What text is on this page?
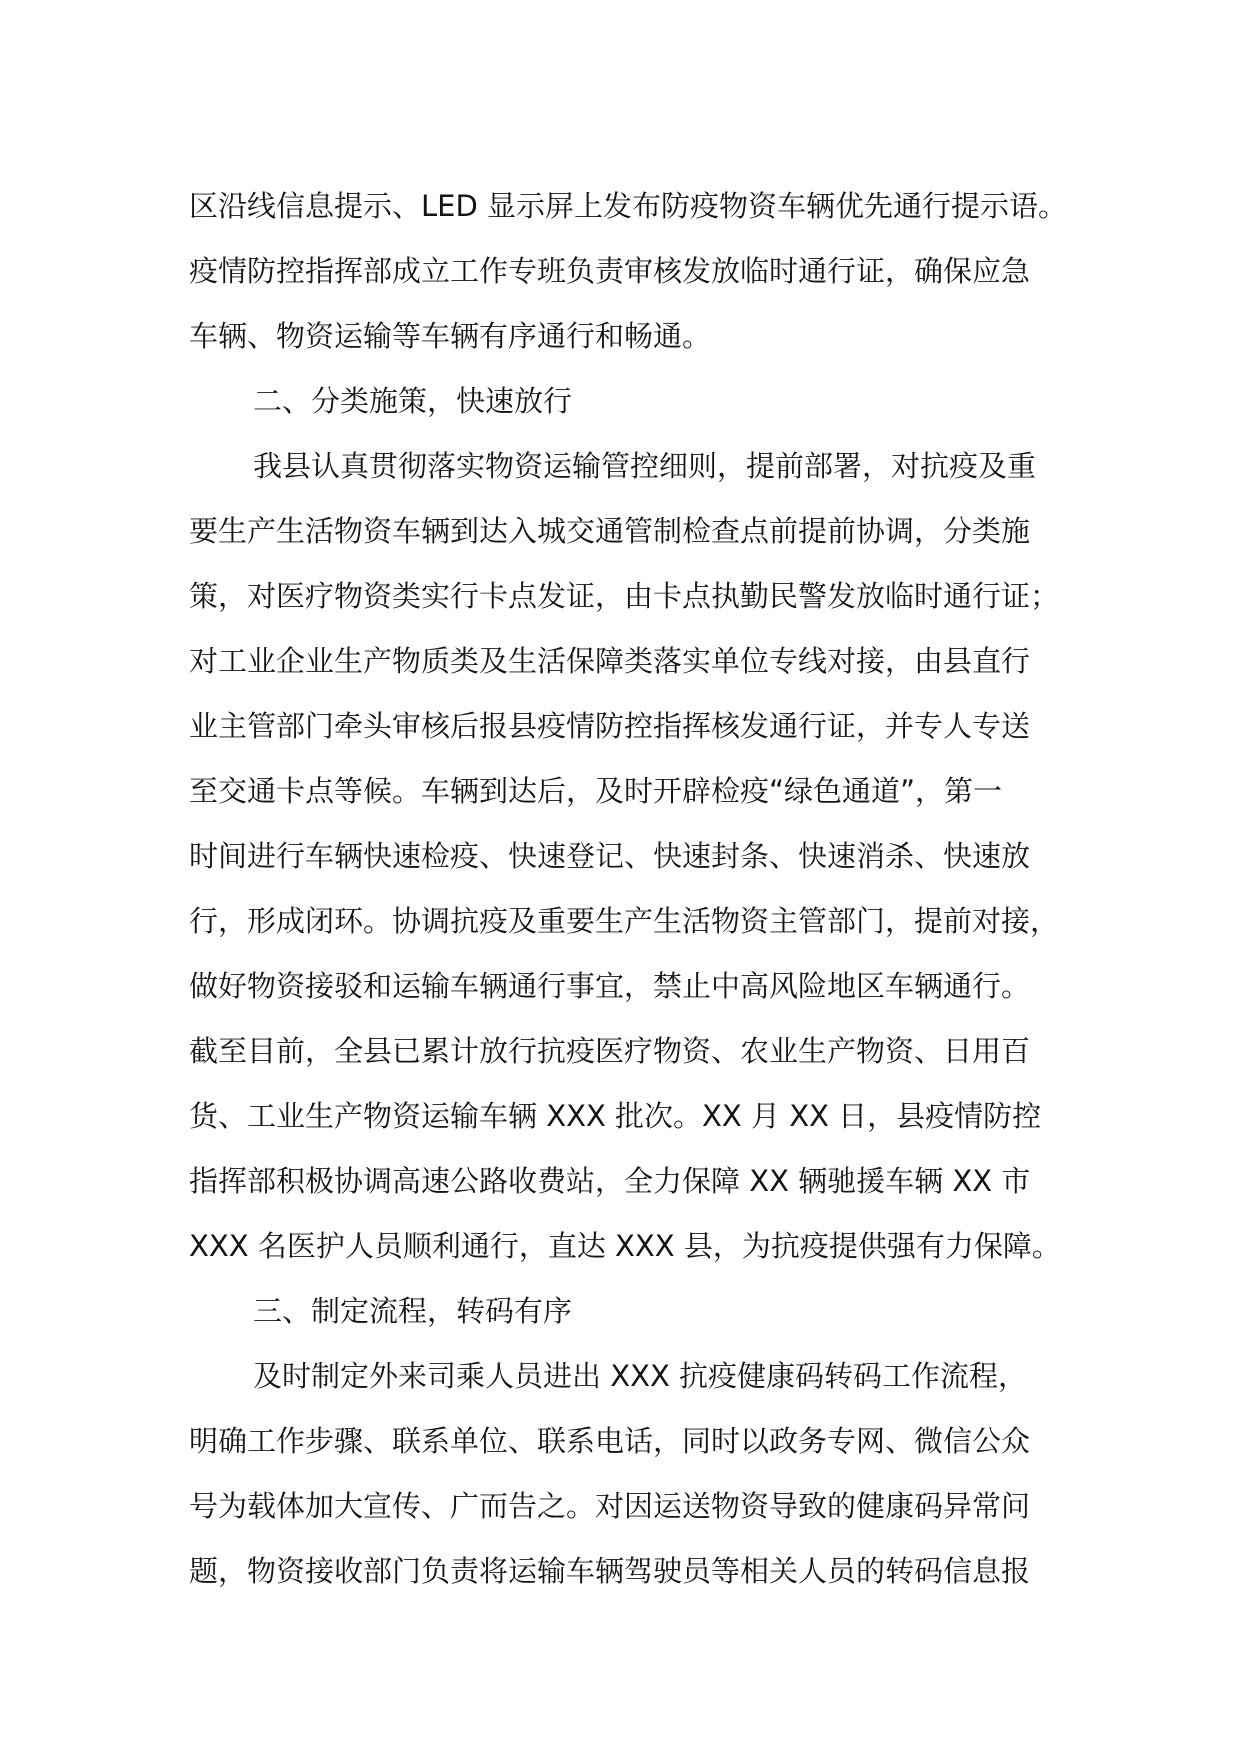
区沿线信息提示、LED 显示屏上发布防疫物资车辆优先通行提示语。
疫情防控指挥部成立工作专班负责审核发放临时通行证，确保应急
车辆、物资运输等车辆有序通行和畅通。
二、分类施策，快速放行
我县认真贯彻落实物资运输管控细则，提前部署，对抗疫及重
要生产生活物资车辆到达入城交通管制检查点前提前协调，分类施
策，对医疗物资类实行卡点发证，由卡点执勤民警发放临时通行证；
对工业企业生产物质类及生活保障类落实单位专线对接，由县直行
业主管部门牵头审核后报县疫情防控指挥核发通行证，并专人专送
至交通卡点等候。车辆到达后，及时开辟检疫“绿色通道”，第一
时间进行车辆快速检疫、快速登记、快速封条、快速消杀、快速放
行，形成闭环。协调抗疫及重要生产生活物资主管部门，提前对接，
做好物资接驳和运输车辆通行事宜，禁止中高风险地区车辆通行。
截至目前，全县已累计放行抗疫医疗物资、农业生产物资、日用百
货、工业生产物资运输车辆 XXX 批次。XX 月 XX 日，县疫情防控
指挥部积极协调高速公路收费站，全力保障 XX 辆驰援车辆 XX 市
XXX 名医护人员顺利通行，直达 XXX 县，为抗疫提供强有力保障。
三、制定流程，转码有序
及时制定外来司乘人员进出 XXX 抗疫健康码转码工作流程，
明确工作步骤、联系单位、联系电话，同时以政务专网、微信公众
号为载体加大宣传、广而告之。对因运送物资导致的健康码异常问
题，物资接收部门负责将运输车辆驾驶员等相关人员的转码信息报
